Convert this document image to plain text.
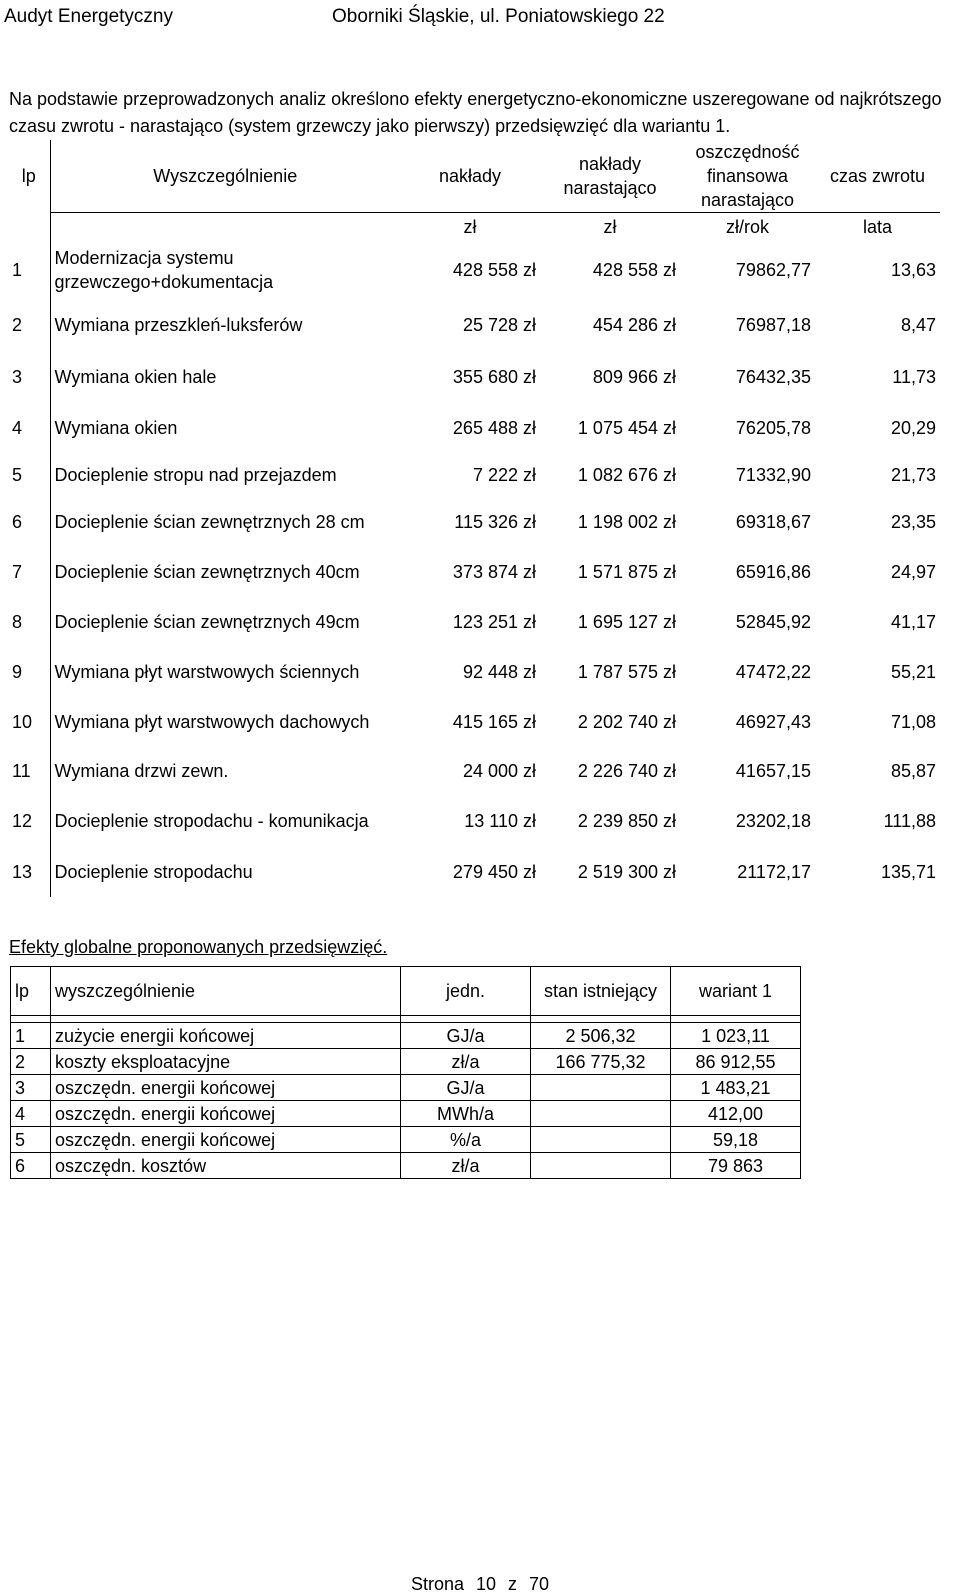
Audyt Energetyczny	Oborniki Śląskie, ul. Poniatowskiego 22
Na podstawie przeprowadzonych analiz określono efekty energetyczno-ekonomiczne uszeregowane od najkrótszego czasu zwrotu - narastająco (system grzewczy jako pierwszy) przedsięwzięć dla wariantu 1.
lp	Wyszczególnienie	nakłady	nakłady narastająco	oszczędność finansowa narastająco	czas zwrotu
		zł	zł	zł/rok	lata
1	Modernizacja systemu grzewczego+dokumentacja	428 558 zł	428 558 zł	79862,77	13,63
2	Wymiana przeszkleń-luksferów	25 728 zł	454 286 zł	76987,18	8,47
3	Wymiana okien hale	355 680 zł	809 966 zł	76432,35	11,73
4	Wymiana okien	265 488 zł	1 075 454 zł	76205,78	20,29
5	Docieplenie stropu nad przejazdem	7 222 zł	1 082 676 zł	71332,90	21,73
6	Docieplenie ścian zewnętrznych 28 cm	115 326 zł	1 198 002 zł	69318,67	23,35
7	Docieplenie ścian zewnętrznych 40cm	373 874 zł	1 571 875 zł	65916,86	24,97
8	Docieplenie ścian zewnętrznych 49cm	123 251 zł	1 695 127 zł	52845,92	41,17
9	Wymiana płyt warstwowych ściennych	92 448 zł	1 787 575 zł	47472,22	55,21
10	Wymiana płyt warstwowych dachowych	415 165 zł	2 202 740 zł	46927,43	71,08
11	Wymiana drzwi zewn.	24 000 zł	2 226 740 zł	41657,15	85,87
12	Docieplenie stropodachu - komunikacja	13 110 zł	2 239 850 zł	23202,18	111,88
13	Docieplenie stropodachu	279 450 zł	2 519 300 zł	21172,17	135,71
Efekty globalne proponowanych przedsięwzięć.
lp	wyszczególnienie	jedn.	stan istniejący	wariant 1

1	zużycie energii końcowej	GJ/a	2 506,32	1 023,11
2	koszty eksploatacyjne	zł/a	166 775,32	86 912,55
3	oszczędn. energii końcowej	GJ/a		1 483,21
4	oszczędn. energii końcowej	MWh/a		412,00
5	oszczędn. energii końcowej	%/a		59,18
6	oszczędn. kosztów	zł/a		79 863
Strona 10 z 70
